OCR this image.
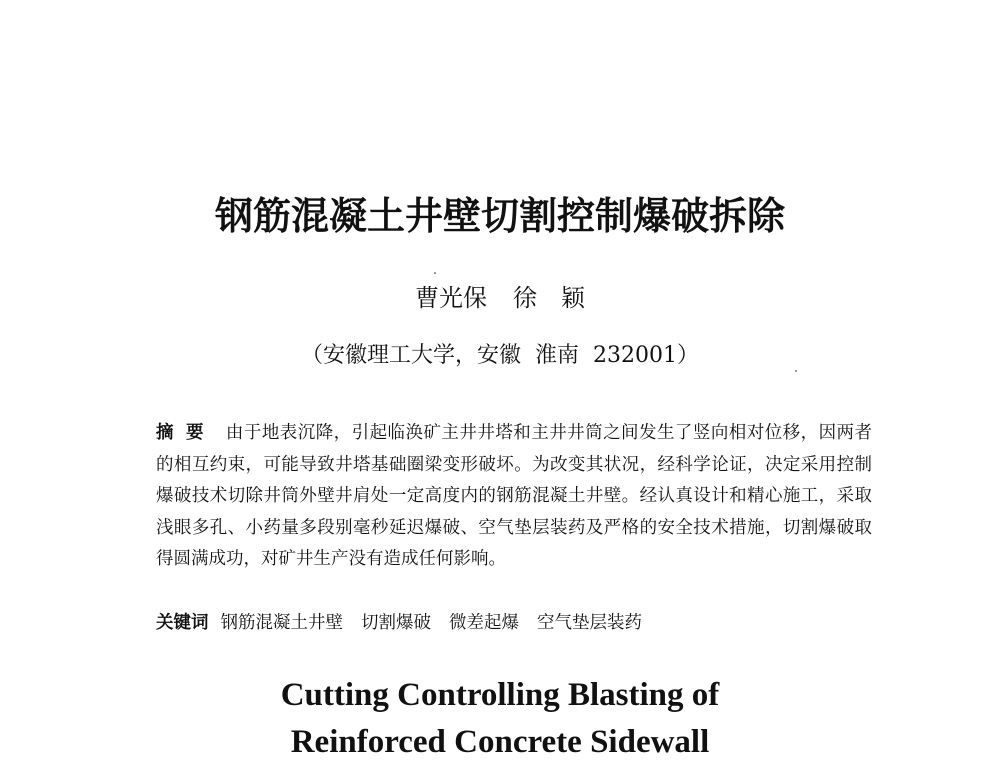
钢筋混凝土井壁切割控制爆破拆除
曹光保 徐　颖
（安徽理工大学，安徽 淮南 232001）
摘要 由于地表沉降，引起临涣矿主井井塔和主井井筒之间发生了竖向相对位移，因两者的相互约束，可能导致井塔基础圈梁变形破坏。为改变其状况，经科学论证，决定采用控制爆破技术切除井筒外壁井肩处一定高度内的钢筋混凝土井壁。经认真设计和精心施工，采取浅眼多孔、小药量多段别毫秒延迟爆破、空气垫层装药及严格的安全技术措施，切割爆破取得圆满成功，对矿井生产没有造成任何影响。
关键词 钢筋混凝土井壁 切割爆破 微差起爆 空气垫层装药
Cutting Controlling Blasting of
Reinforced Concrete Sidewall
